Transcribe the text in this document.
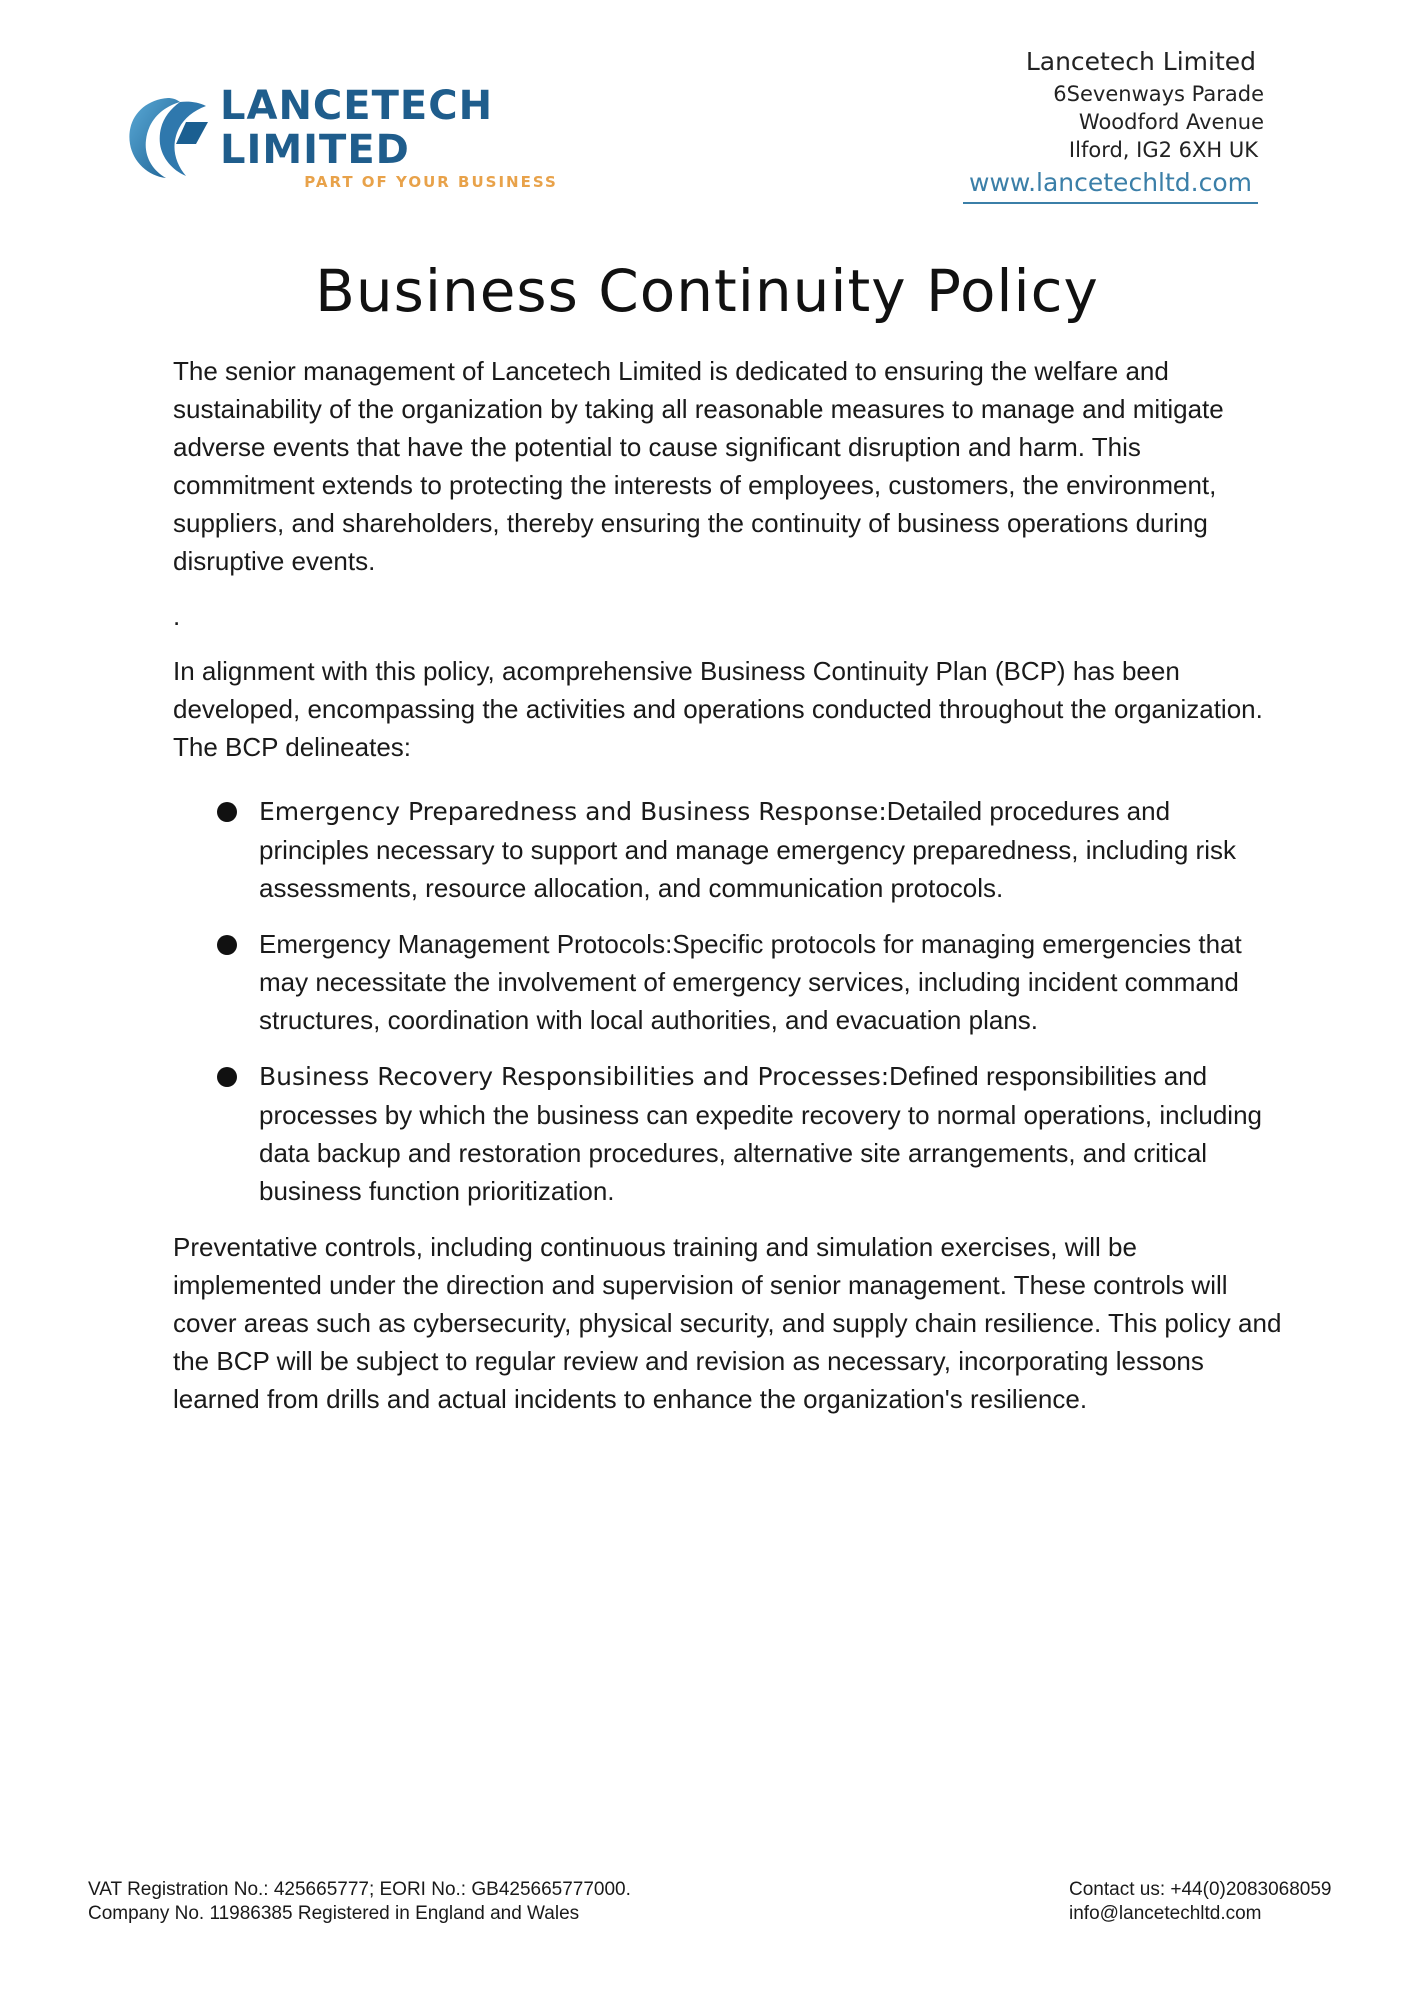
LANCETECH LIMITED
PART OF YOUR BUSINESS
Lancetech Limited
6Sevenways Parade
Woodford Avenue
Ilford, IG2 6XH UK
www.lancetechltd.com
Business Continuity Policy

The senior management of Lancetech Limited is dedicated to ensuring the welfare and sustainability of the organization by taking all reasonable measures to manage and mitigate adverse events that have the potential to cause significant disruption and harm. This commitment extends to protecting the interests of employees, customers, the environment, suppliers, and shareholders, thereby ensuring the continuity of business operations during disruptive events.

.

In alignment with this policy, acomprehensive Business Continuity Plan (BCP) has been developed, encompassing the activities and operations conducted throughout the organization. The BCP delineates:

Emergency Preparedness and Business Response:Detailed procedures and principles necessary to support and manage emergency preparedness, including risk assessments, resource allocation, and communication protocols.
Emergency Management Protocols:Specific protocols for managing emergencies that may necessitate the involvement of emergency services, including incident command structures, coordination with local authorities, and evacuation plans.
Business Recovery Responsibilities and Processes:Defined responsibilities and processes by which the business can expedite recovery to normal operations, including data backup and restoration procedures, alternative site arrangements, and critical business function prioritization.

Preventative controls, including continuous training and simulation exercises, will be implemented under the direction and supervision of senior management. These controls will cover areas such as cybersecurity, physical security, and supply chain resilience. This policy and the BCP will be subject to regular review and revision as necessary, incorporating lessons learned from drills and actual incidents to enhance the organization's resilience.

VAT Registration No.: 425665777; EORI No.: GB425665777000.
Company No. 11986385 Registered in England and Wales
Contact us: +44(0)2083068059
info@lancetechltd.com
